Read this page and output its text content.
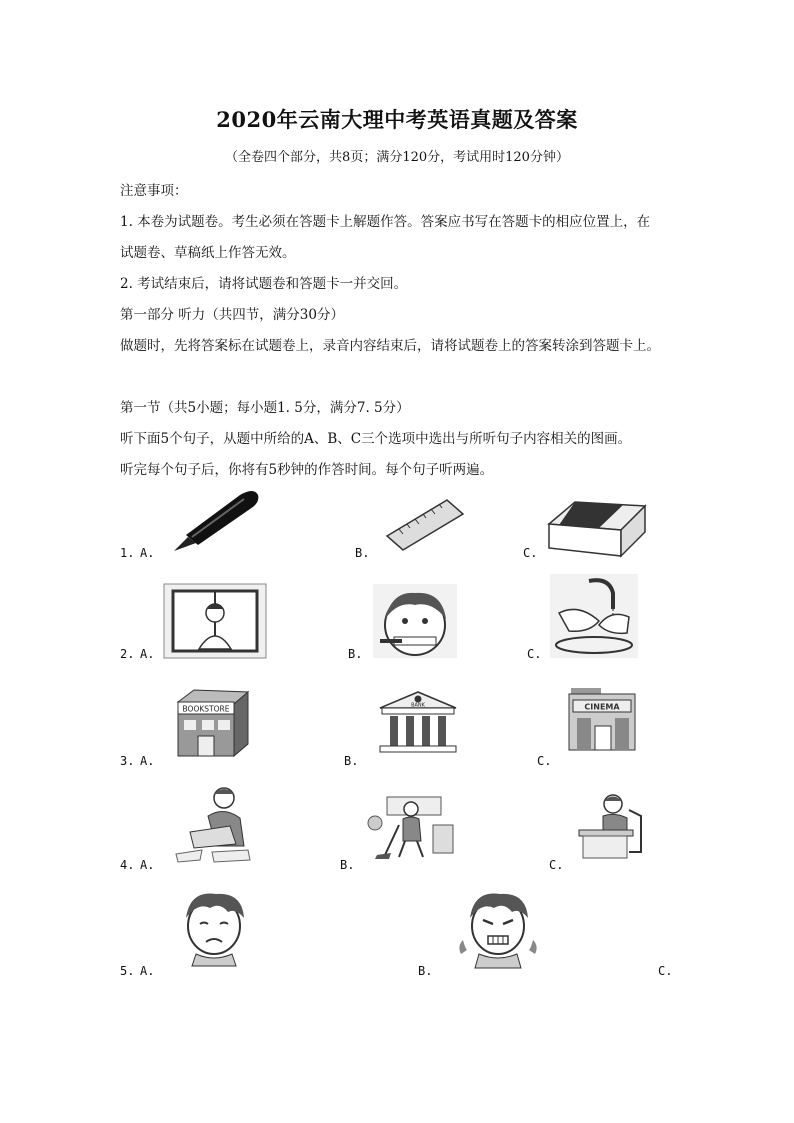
2020年云南大理中考英语真题及答案
（全卷四个部分，共8页；满分120分，考试用时120分钟）
注意事项：
1. 本卷为试题卷。考生必须在答题卡上解题作答。答案应书写在答题卡的相应位置上，在
试题卷、草稿纸上作答无效。
2. 考试结束后，请将试题卷和答题卡一并交回。
第一部分 听力（共四节，满分30分）
做题时，先将答案标在试题卷上，录音内容结束后，请将试题卷上的答案转涂到答题卡上。
第一节（共5小题；每小题1. 5分，满分7. 5分）
听下面5个句子，从题中所给的A、B、C三个选项中选出与所听句子内容相关的图画。
听完每个句子后，你将有5秒钟的作答时间。每个句子听两遍。
1. A.	B.	C.
2. A.	B.	C.
3. A.	B.	C.
BOOKSTORE	BANK	CINEMA
4. A.	B.	C.
5. A.	B.	C.
